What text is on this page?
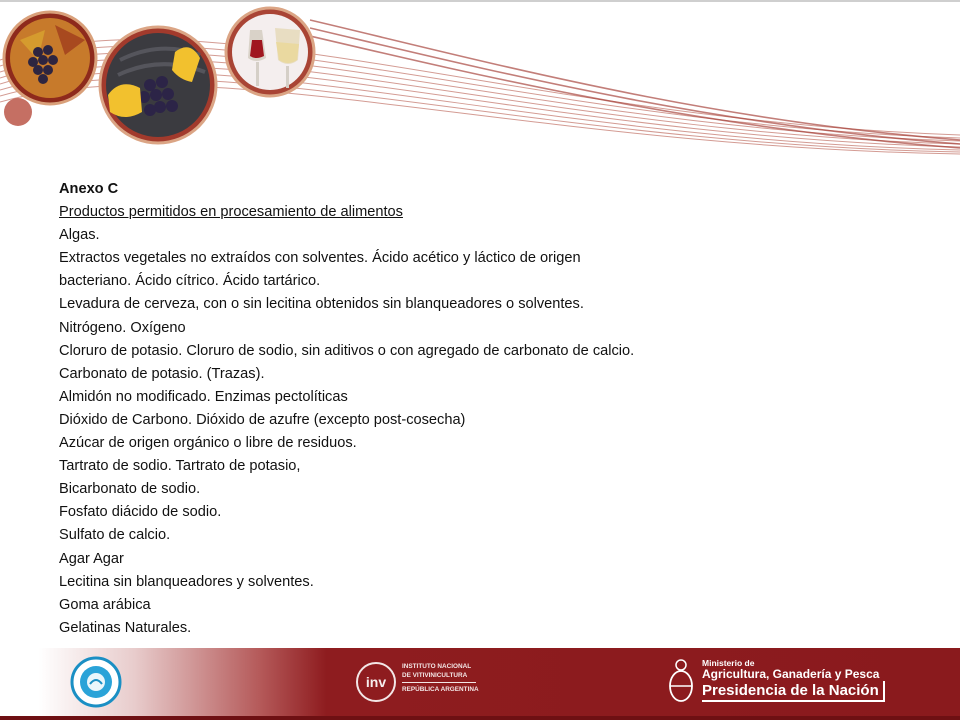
Anexo C
Productos permitidos en procesamiento de alimentos
Algas.
Extractos vegetales no extraídos con solventes. Ácido acético y láctico de origen
bacteriano. Ácido cítrico. Ácido tartárico.
Levadura de cerveza, con o sin lecitina obtenidos sin blanqueadores o solventes.
Nitrógeno. Oxígeno
Cloruro de potasio. Cloruro de sodio, sin aditivos o con agregado de carbonato de calcio.
Carbonato de potasio. (Trazas).
Almidón no modificado. Enzimas pectolíticas
Dióxido de Carbono. Dióxido de azufre (excepto post-cosecha)
Azúcar de origen orgánico o libre de residuos.
Tartrato de sodio. Tartrato de potasio,
Bicarbonato de sodio.
Fosfato diácido de sodio.
Sulfato de calcio.
Agar Agar
Lecitina sin blanqueadores y solventes.
Goma arábica
Gelatinas Naturales.
inv
INSTITUTO NACIONAL
DE VITIVINICULTURA
REPÚBLICA ARGENTINA
Ministerio de
Agricultura, Ganadería y Pesca
Presidencia de la Nación
